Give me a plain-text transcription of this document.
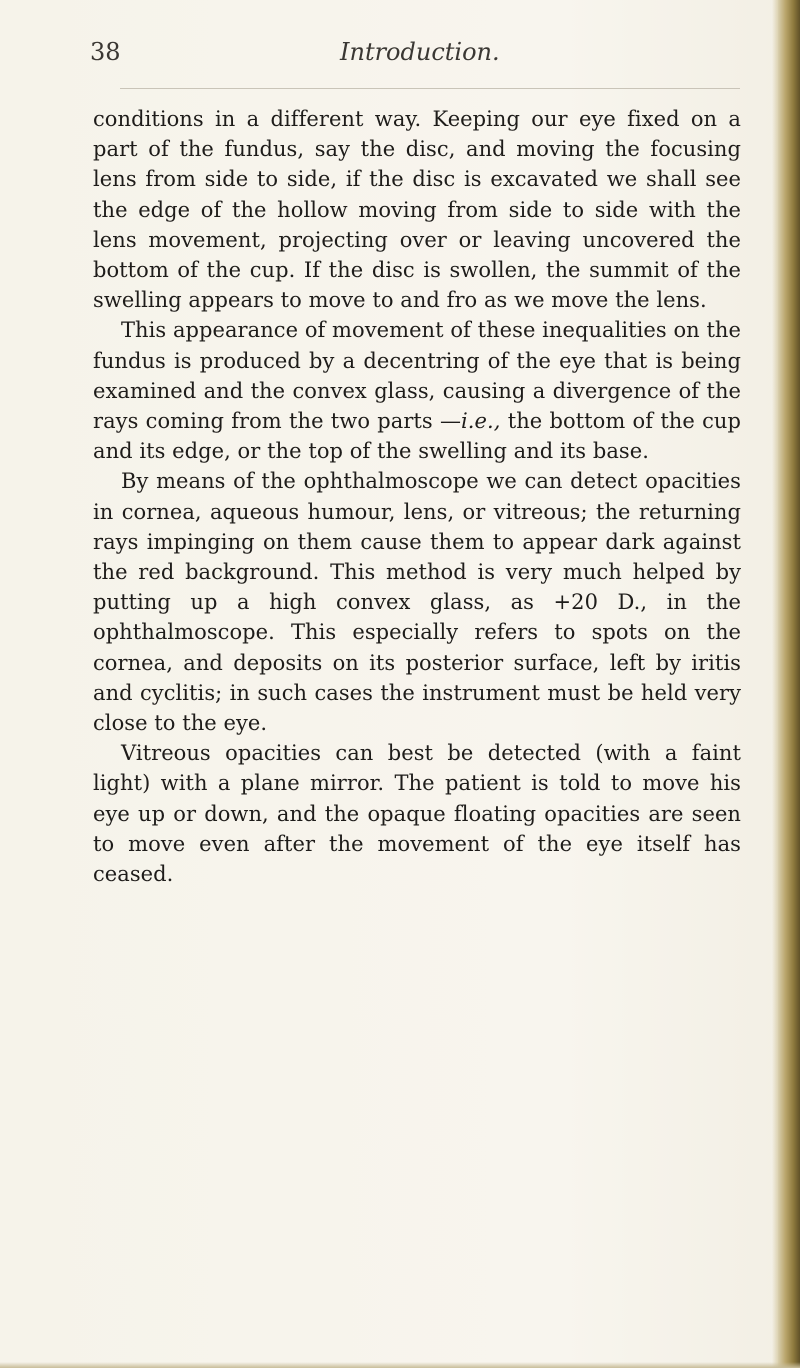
38	Introduction.

conditions in a different way. Keeping our eye fixed on a part of the fundus, say the disc, and moving the focusing lens from side to side, if the disc is excavated we shall see the edge of the hollow moving from side to side with the lens movement, projecting over or leaving uncovered the bottom of the cup. If the disc is swollen, the summit of the swelling appears to move to and fro as we move the lens.

This appearance of movement of these inequalities on the fundus is produced by a decentring of the eye that is being examined and the convex glass, causing a divergence of the rays coming from the two parts —i.e., the bottom of the cup and its edge, or the top of the swelling and its base.

By means of the ophthalmoscope we can detect opacities in cornea, aqueous humour, lens, or vitreous; the returning rays impinging on them cause them to appear dark against the red background. This method is very much helped by putting up a high convex glass, as +20 D., in the ophthalmoscope. This especially refers to spots on the cornea, and deposits on its posterior surface, left by iritis and cyclitis; in such cases the instrument must be held very close to the eye.

Vitreous opacities can best be detected (with a faint light) with a plane mirror. The patient is told to move his eye up or down, and the opaque floating opacities are seen to move even after the movement of the eye itself has ceased.
